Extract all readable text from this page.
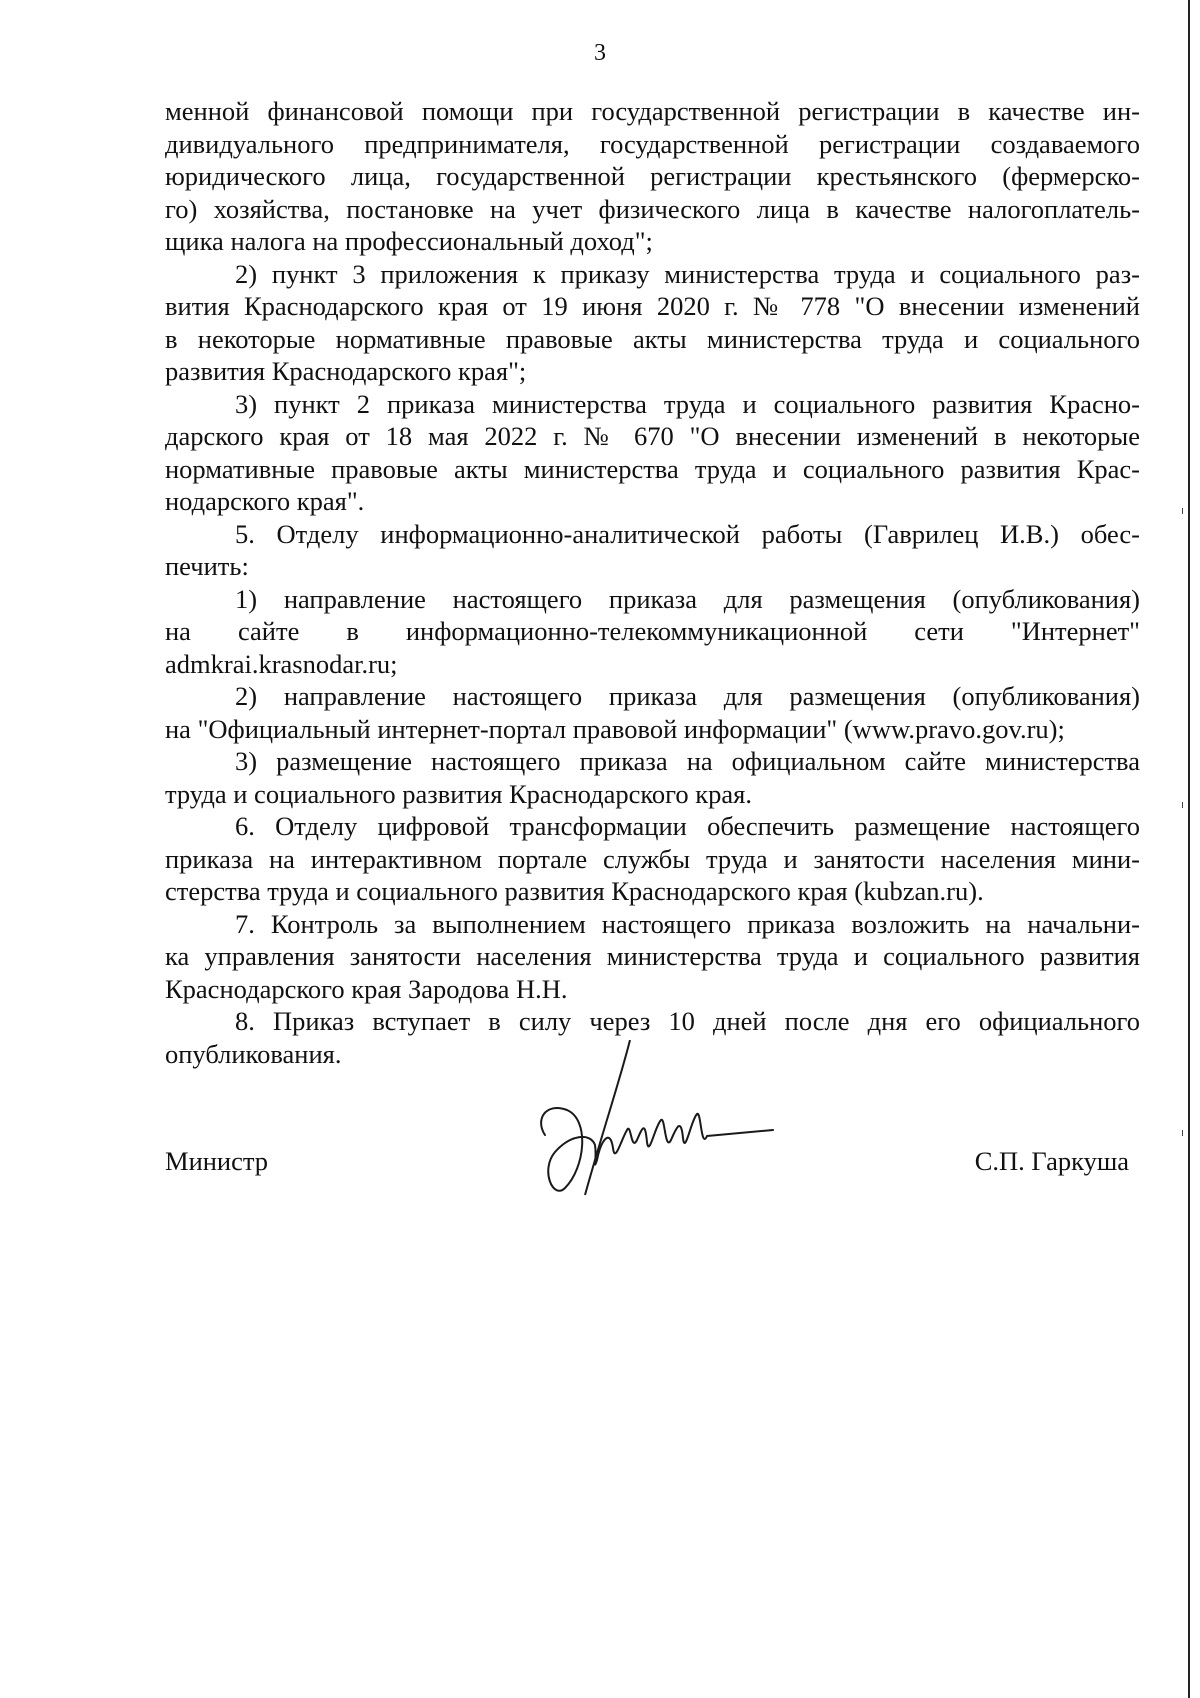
3

менной финансовой помощи при государственной регистрации в качестве ин-
дивидуального предпринимателя, государственной регистрации создаваемого
юридического лица, государственной регистрации крестьянского (фермерско-
го) хозяйства, постановке на учет физического лица в качестве налогоплатель-
щика налога на профессиональный доход";

2) пункт 3 приложения к приказу министерства труда и социального раз-
вития Краснодарского края от 19 июня 2020 г. № 778 "О внесении изменений
в некоторые нормативные правовые акты министерства труда и социального
развития Краснодарского края";

3) пункт 2 приказа министерства труда и социального развития Красно-
дарского края от 18 мая 2022 г. № 670 "О внесении изменений в некоторые
нормативные правовые акты министерства труда и социального развития Крас-
нодарского края".

5. Отделу информационно-аналитической работы (Гаврилец И.В.) обес-
печить:

1) направление настоящего приказа для размещения (опубликования)
на сайте в информационно-телекоммуникационной сети "Интернет"
admkrai.krasnodar.ru;

2) направление настоящего приказа для размещения (опубликования)
на "Официальный интернет-портал правовой информации" (www.pravo.gov.ru);

3) размещение настоящего приказа на официальном сайте министерства
труда и социального развития Краснодарского края.

6. Отделу цифровой трансформации обеспечить размещение настоящего
приказа на интерактивном портале службы труда и занятости населения мини-
стерства труда и социального развития Краснодарского края (kubzan.ru).

7. Контроль за выполнением настоящего приказа возложить на начальни-
ка управления занятости населения министерства труда и социального развития
Краснодарского края Зародова Н.Н.

8. Приказ вступает в силу через 10 дней после дня его официального
опубликования.

Министр	С.П. Гаркуша
